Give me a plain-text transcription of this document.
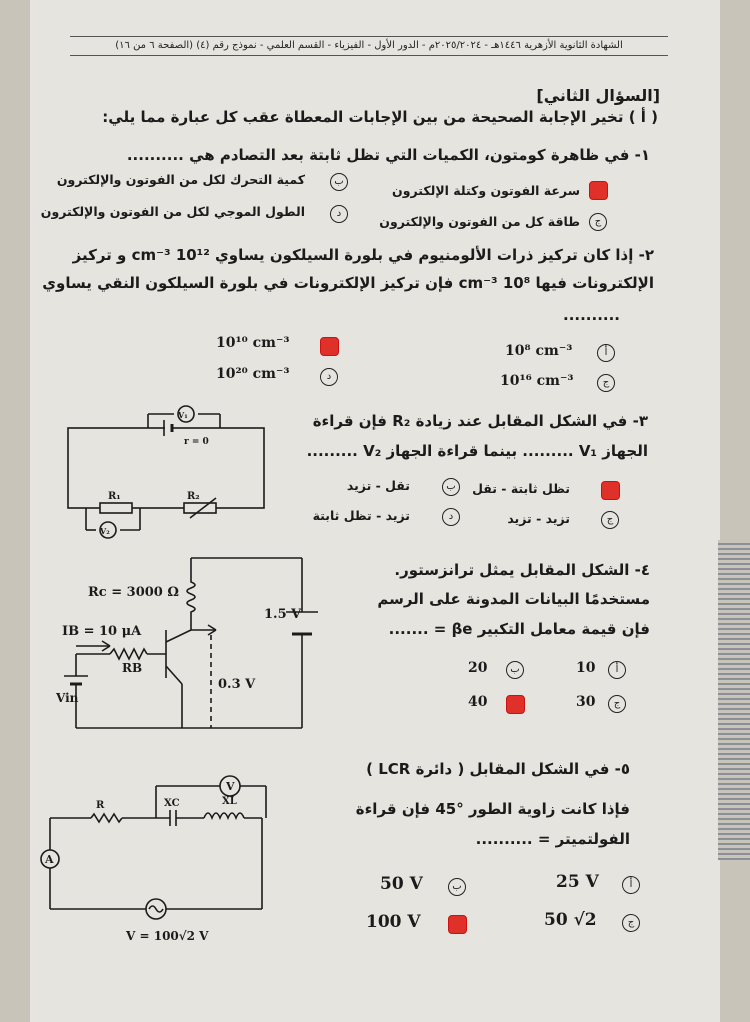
الشهادة الثانوية الأزهرية ١٤٤٦هـ - ٢٠٢٥/٢٠٢٤م - الدور الأول - الفيزياء - القسم العلمي - نموذج رقم (٤) (الصفحة ٦ من ١٦)
[السؤال الثاني]
( أ ) تخير الإجابة الصحيحة من بين الإجابات المعطاة عقب كل عبارة مما يلي:
١- في ظاهرة كومتون، الكميات التي تظل ثابتة بعد التصادم هي ..........
سرعة الفوتون وكتلة الإلكترون
ب
كمية التحرك لكل من الفوتون والإلكترون
ج
طاقة كل من الفوتون والإلكترون
د
الطول الموجي لكل من الفوتون والإلكترون
٢- إذا كان تركيز ذرات الألومنيوم في بلورة السيلكون يساوي 10¹² cm⁻³ و تركيز
الإلكترونات فيها 10⁸ cm⁻³ فإن تركيز الإلكترونات في بلورة السيلكون النقي يساوي
..........
أ
10⁸ cm⁻³
10¹⁰ cm⁻³
ج
10¹⁶ cm⁻³
د
10²⁰ cm⁻³
٣- في الشكل المقابل عند زيادة R₂ فإن قراءة
الجهاز V₁ ......... بينما قراءة الجهاز V₂ .........
تظل ثابتة - تقل
ب
تقل - تزيد
ج
تزيد - تزيد
د
تزيد - تظل ثابتة
V₁
r = 0
R₁	R₂
V₂
٤- الشكل المقابل يمثل ترانزستور.
مستخدمًا البيانات المدونة على الرسم
فإن قيمة معامل التكبير βe = .......
أ
10
ب
20
ج
30
40
Rc = 3000 Ω
IB = 10 μA
RB
Vin
1.5 V
0.3 V
٥- في الشكل المقابل ( دائرة LCR )
فإذا كانت زاوية الطور °45 فإن قراءة
الفولتميتر = ..........
أ
25 V
ب
50 V
ج
50 √2
100 V
V
R	XC	XL
A
V = 100√2 V
